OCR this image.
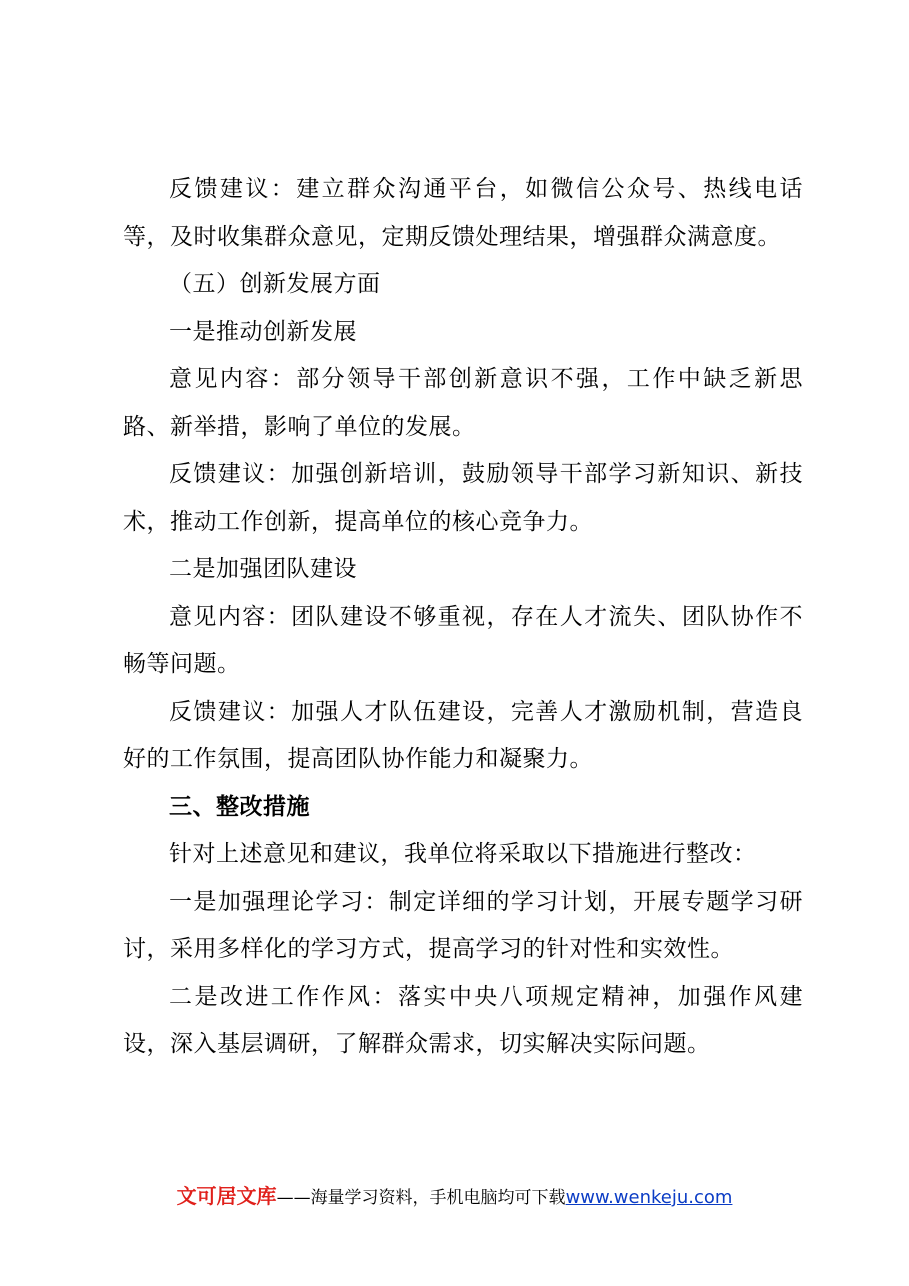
反馈建议：建立群众沟通平台，如微信公众号、热线电话等，及时收集群众意见，定期反馈处理结果，增强群众满意度。

（五）创新发展方面

一是推动创新发展

意见内容：部分领导干部创新意识不强，工作中缺乏新思路、新举措，影响了单位的发展。

反馈建议：加强创新培训，鼓励领导干部学习新知识、新技术，推动工作创新，提高单位的核心竞争力。

二是加强团队建设

意见内容：团队建设不够重视，存在人才流失、团队协作不畅等问题。

反馈建议：加强人才队伍建设，完善人才激励机制，营造良好的工作氛围，提高团队协作能力和凝聚力。

三、整改措施

针对上述意见和建议，我单位将采取以下措施进行整改：

一是加强理论学习：制定详细的学习计划，开展专题学习研讨，采用多样化的学习方式，提高学习的针对性和实效性。

二是改进工作作风：落实中央八项规定精神，加强作风建设，深入基层调研，了解群众需求，切实解决实际问题。

文可居文库——海量学习资料，手机电脑均可下载www.wenkeju.com
